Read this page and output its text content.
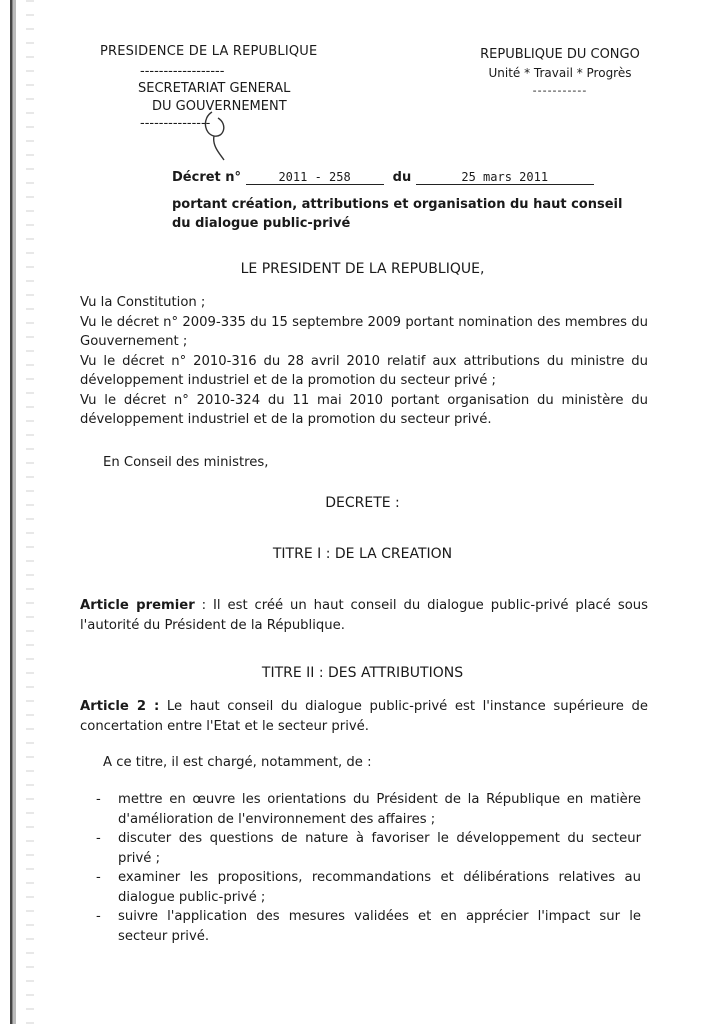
PRESIDENCE DE LA REPUBLIQUE
------------------
SECRETARIAT GENERAL
DU GOUVERNEMENT
---------------
REPUBLIQUE DU CONGO
Unité * Travail * Progrès
-----------
Décret n°	2011 - 258	du	25 mars 2011
portant création, attributions et organisation du haut conseil
du dialogue public-privé
LE PRESIDENT DE LA REPUBLIQUE,
Vu la Constitution ;
Vu le décret n° 2009-335 du 15 septembre 2009 portant nomination des membres du Gouvernement ;
Vu le décret n° 2010-316 du 28 avril 2010 relatif aux attributions du ministre du développement industriel et de la promotion du secteur privé ;
Vu le décret n° 2010-324 du 11 mai 2010 portant organisation du ministère du développement industriel et de la promotion du secteur privé.
En Conseil des ministres,
DECRETE :
TITRE I : DE LA CREATION
Article premier : Il est créé un haut conseil du dialogue public-privé placé sous l'autorité du Président de la République.
TITRE II : DES ATTRIBUTIONS
Article 2 : Le haut conseil du dialogue public-privé est l'instance supérieure de concertation entre l'Etat et le secteur privé.
A ce titre, il est chargé, notamment, de :
- mettre en œuvre les orientations du Président de la République en matière d'amélioration de l'environnement des affaires ;
- discuter des questions de nature à favoriser le développement du secteur privé ;
- examiner les propositions, recommandations et délibérations relatives au dialogue public-privé ;
- suivre l'application des mesures validées et en apprécier l'impact sur le secteur privé.
